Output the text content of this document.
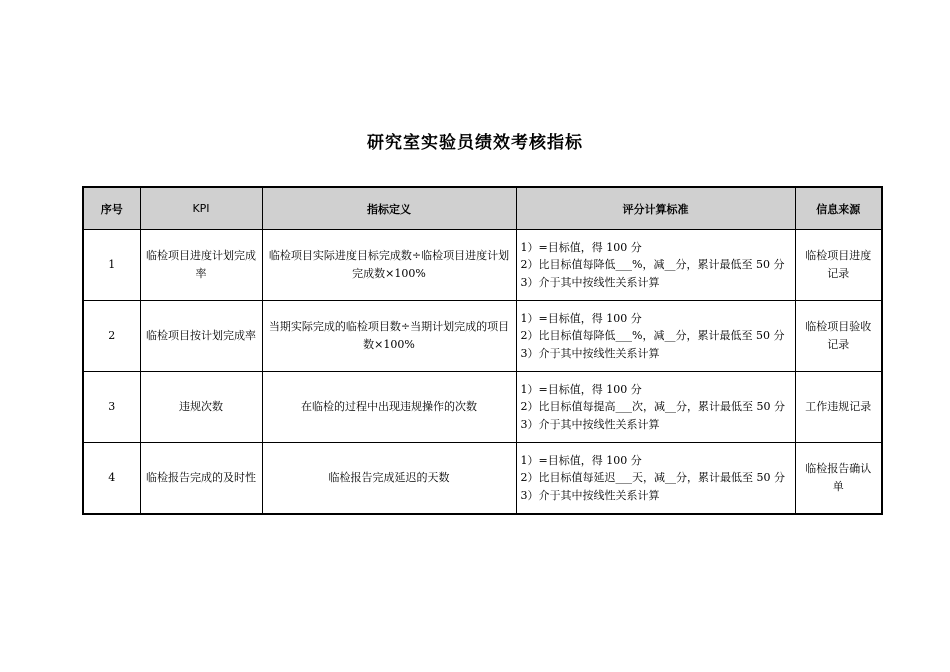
研究室实验员绩效考核指标
序号	KPI	指标定义	评分计算标准	信息来源
1	临检项目进度计划完成率	临检项目实际进度目标完成数÷临检项目进度计划完成数×100%	1）=目标值，得 100 分
2）比目标值每降低___%，减__分，累计最低至 50 分
3）介于其中按线性关系计算	临检项目进度记录
2	临检项目按计划完成率	当期实际完成的临检项目数÷当期计划完成的项目数×100%	1）=目标值，得 100 分
2）比目标值每降低___%，减__分，累计最低至 50 分
3）介于其中按线性关系计算	临检项目验收记录
3	违规次数	在临检的过程中出现违规操作的次数	1）=目标值，得 100 分
2）比目标值每提高___次，减__分，累计最低至 50 分
3）介于其中按线性关系计算	工作违规记录
4	临检报告完成的及时性	临检报告完成延迟的天数	1）=目标值，得 100 分
2）比目标值每延迟___天，减__分，累计最低至 50 分
3）介于其中按线性关系计算	临检报告确认单
